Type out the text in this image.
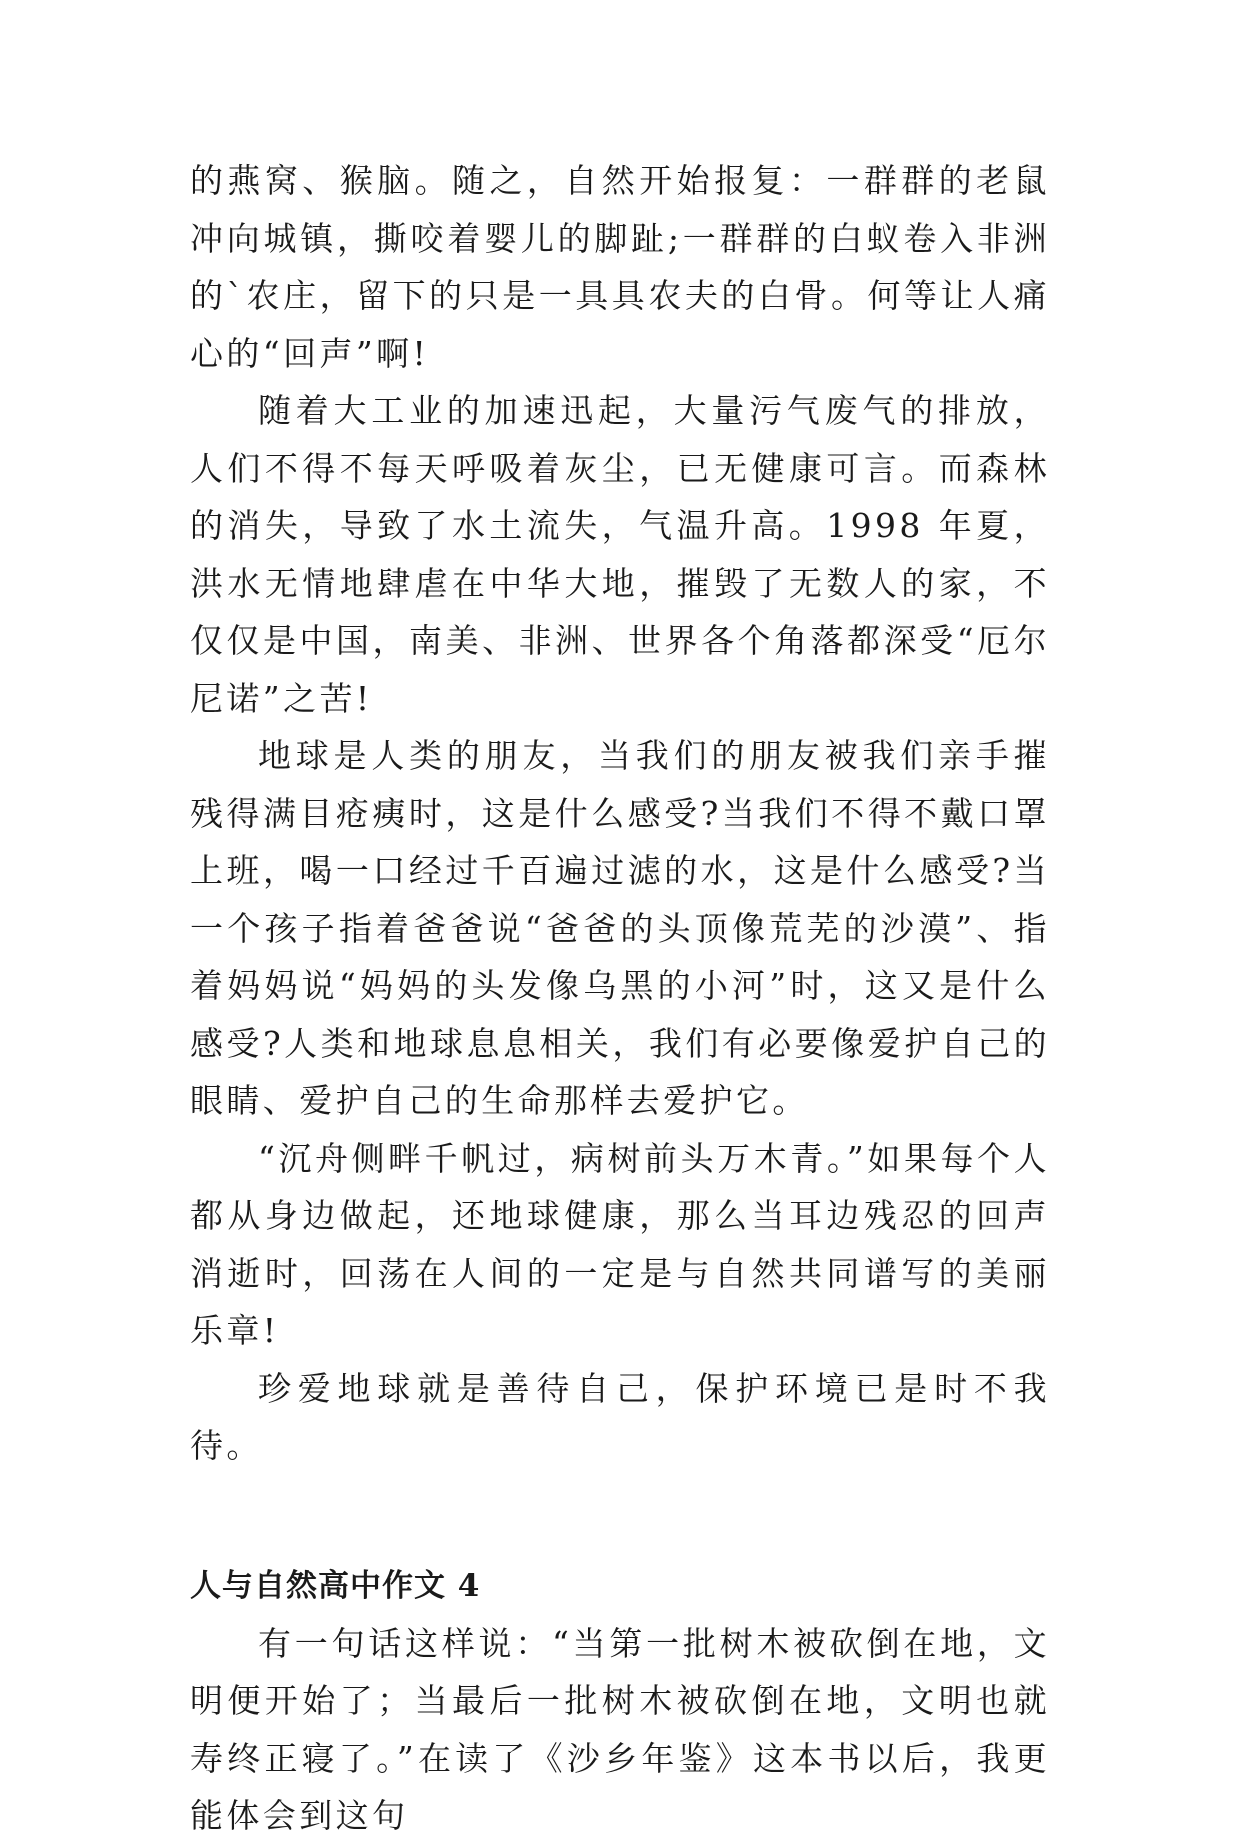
的燕窝、猴脑。随之，自然开始报复：一群群的老鼠冲向城镇，撕咬着婴儿的脚趾;一群群的白蚁卷入非洲的`农庄，留下的只是一具具农夫的白骨。何等让人痛心的“回声”啊!

随着大工业的加速迅起，大量污气废气的排放，人们不得不每天呼吸着灰尘，已无健康可言。而森林的消失，导致了水土流失，气温升高。1998 年夏，洪水无情地肆虐在中华大地，摧毁了无数人的家，不仅仅是中国，南美、非洲、世界各个角落都深受“厄尔尼诺”之苦!

地球是人类的朋友，当我们的朋友被我们亲手摧残得满目疮痍时，这是什么感受?当我们不得不戴口罩上班，喝一口经过千百遍过滤的水，这是什么感受?当一个孩子指着爸爸说“爸爸的头顶像荒芜的沙漠”、指着妈妈说“妈妈的头发像乌黑的小河”时，这又是什么感受?人类和地球息息相关，我们有必要像爱护自己的眼睛、爱护自己的生命那样去爱护它。

“沉舟侧畔千帆过，病树前头万木青。”如果每个人都从身边做起，还地球健康，那么当耳边残忍的回声消逝时，回荡在人间的一定是与自然共同谱写的美丽乐章!

珍爱地球就是善待自己，保护环境已是时不我待。

人与自然高中作文 4

有一句话这样说：“当第一批树木被砍倒在地，文明便开始了；当最后一批树木被砍倒在地，文明也就寿终正寝了。”在读了《沙乡年鉴》这本书以后，我更能体会到这句
